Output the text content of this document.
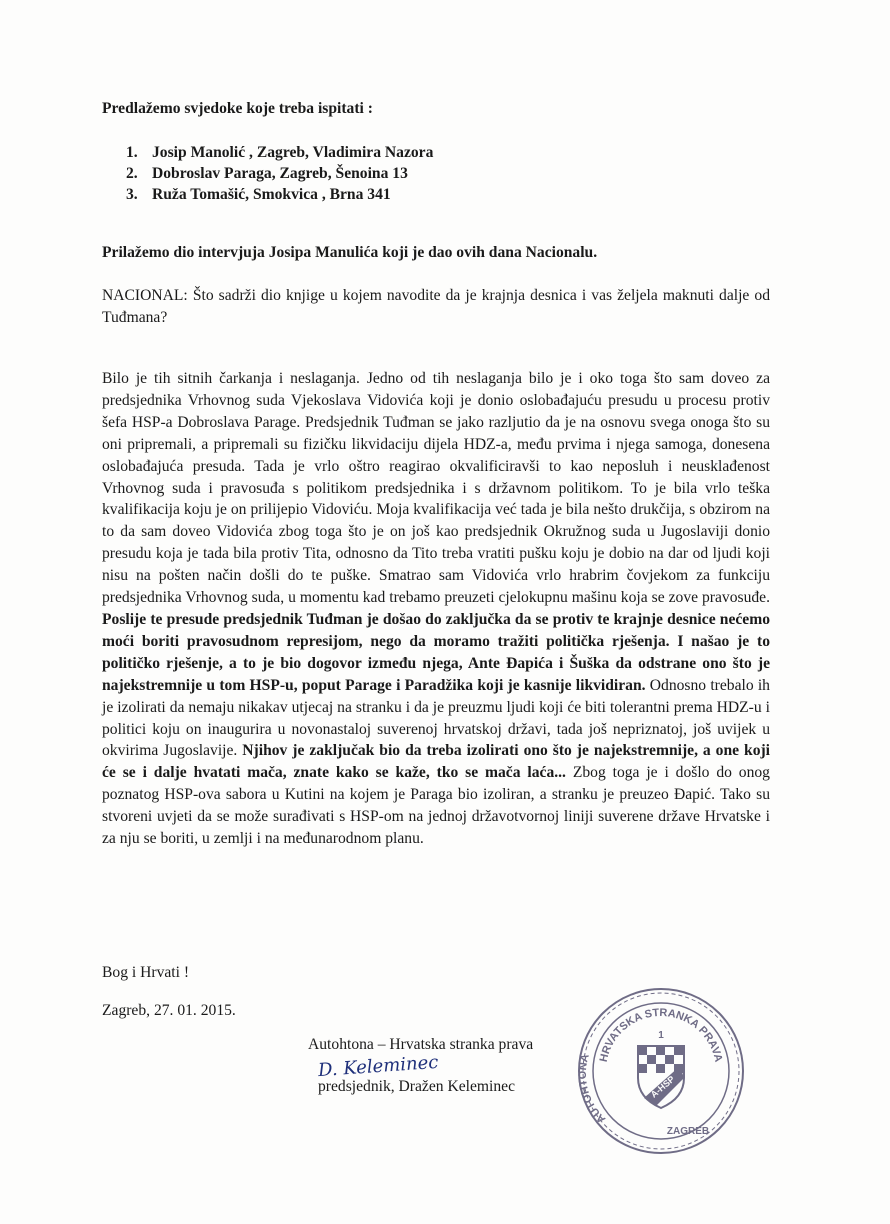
Predlažemo svjedoke koje treba ispitati :
1. Josip Manolić , Zagreb, Vladimira Nazora
2. Dobroslav Paraga, Zagreb, Šenoina 13
3. Ruža Tomašić, Smokvica , Brna 341
Prilažemo dio intervjuja Josipa Manulića koji je dao ovih dana Nacionalu.
NACIONAL: Što sadrži dio knjige u kojem navodite da je krajnja desnica i vas željela maknuti dalje od Tuđmana?
Bilo je tih sitnih čarkanja i neslaganja. Jedno od tih neslaganja bilo je i oko toga što sam doveo za predsjednika Vrhovnog suda Vjekoslava Vidovića koji je donio oslobađajuću presudu u procesu protiv šefa HSP-a Dobroslava Parage. Predsjednik Tuđman se jako razljutio da je na osnovu svega onoga što su oni pripremali, a pripremali su fizičku likvidaciju dijela HDZ-a, među prvima i njega samoga, donesena oslobađajuća presuda. Tada je vrlo oštro reagirao okvalificiravši to kao neposluh i neusklađenost Vrhovnog suda i pravosuđa s politikom predsjednika i s državnom politikom. To je bila vrlo teška kvalifikacija koju je on prilijepio Vidoviću. Moja kvalifikacija već tada je bila nešto drukčija, s obzirom na to da sam doveo Vidovića zbog toga što je on još kao predsjednik Okružnog suda u Jugoslaviji donio presudu koja je tada bila protiv Tita, odnosno da Tito treba vratiti pušku koju je dobio na dar od ljudi koji nisu na pošten način došli do te puške. Smatrao sam Vidovića vrlo hrabrim čovjekom za funkciju predsjednika Vrhovnog suda, u momentu kad trebamo preuzeti cjelokupnu mašinu koja se zove pravosuđe. Poslije te presude predsjednik Tuđman je došao do zaključka da se protiv te krajnje desnice nećemo moći boriti pravosudnom represijom, nego da moramo tražiti politička rješenja. I našao je to političko rješenje, a to je bio dogovor između njega, Ante Đapića i Šuška da odstrane ono što je najekstremnije u tom HSP-u, poput Parage i Paradžika koji je kasnije likvidiran. Odnosno trebalo ih je izolirati da nemaju nikakav utjecaj na stranku i da je preuzmu ljudi koji će biti tolerantni prema HDZ-u i politici koju on inaugurira u novonastaloj suverenoj hrvatskoj državi, tada još nepriznatoj, još uvijek u okvirima Jugoslavije. Njihov je zaključak bio da treba izolirati ono što je najekstremnije, a one koji će se i dalje hvatati mača, znate kako se kaže, tko se mača laća... Zbog toga je i došlo do onog poznatog HSP-ova sabora u Kutini na kojem je Paraga bio izoliran, a stranku je preuzeo Đapić. Tako su stvoreni uvjeti da se može surađivati s HSP-om na jednoj državotvornoj liniji suverene države Hrvatske i za nju se boriti, u zemlji i na međunarodnom planu.
Bog i Hrvati !
Zagreb, 27. 01. 2015.
Autohtona – Hrvatska stranka prava
D. Keleminec
predsjednik, Dražen Keleminec
HRVATSKA STRANKA PRAVA
AUTOHTONA
1
ZAGREB
A-HSP
